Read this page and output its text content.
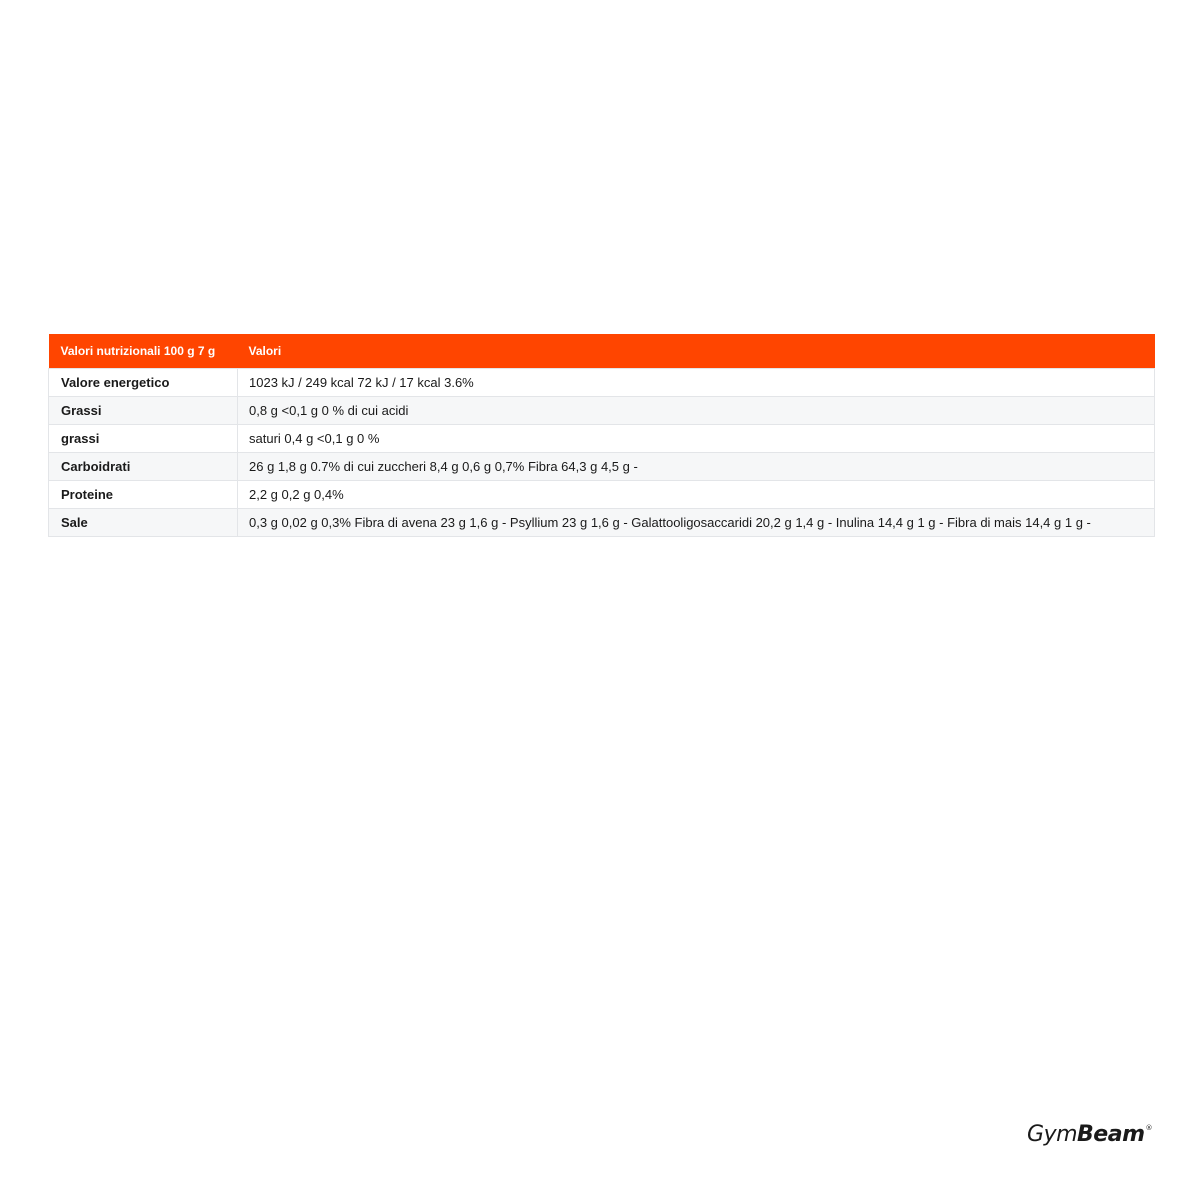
Valori nutrizionali 100 g 7 g	Valori
Valore energetico	1023 kJ / 249 kcal 72 kJ / 17 kcal 3.6%
Grassi	0,8 g <0,1 g 0 % di cui acidi
grassi	saturi 0,4 g <0,1 g 0 %
Carboidrati	26 g 1,8 g 0.7% di cui zuccheri 8,4 g 0,6 g 0,7% Fibra 64,3 g 4,5 g -
Proteine	2,2 g 0,2 g 0,4%
Sale	0,3 g 0,02 g 0,3% Fibra di avena 23 g 1,6 g - Psyllium 23 g 1,6 g - Galattooligosaccaridi 20,2 g 1,4 g - Inulina 14,4 g 1 g - Fibra di mais 14,4 g 1 g -
Gym Beam ®
